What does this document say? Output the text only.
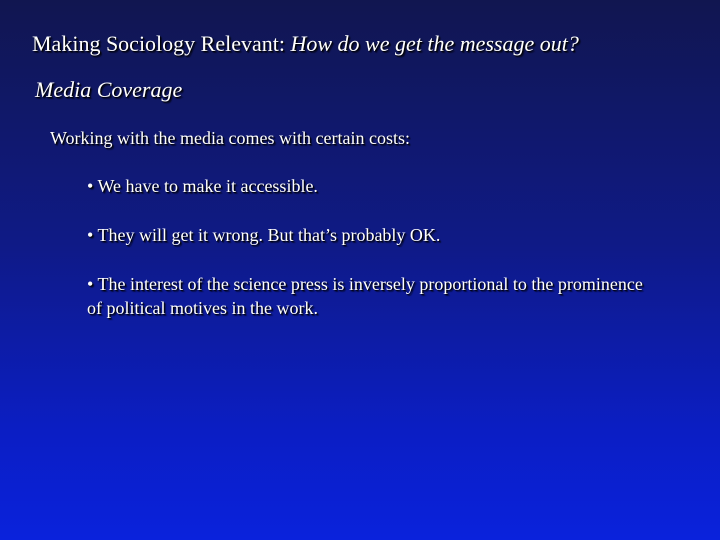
Making Sociology Relevant: How do we get the message out?
Media Coverage
Working with the media comes with certain costs:
• We have to make it accessible.
• They will get it wrong. But that’s probably OK.
• The interest of the science press is inversely proportional to the prominence of political motives in the work.
